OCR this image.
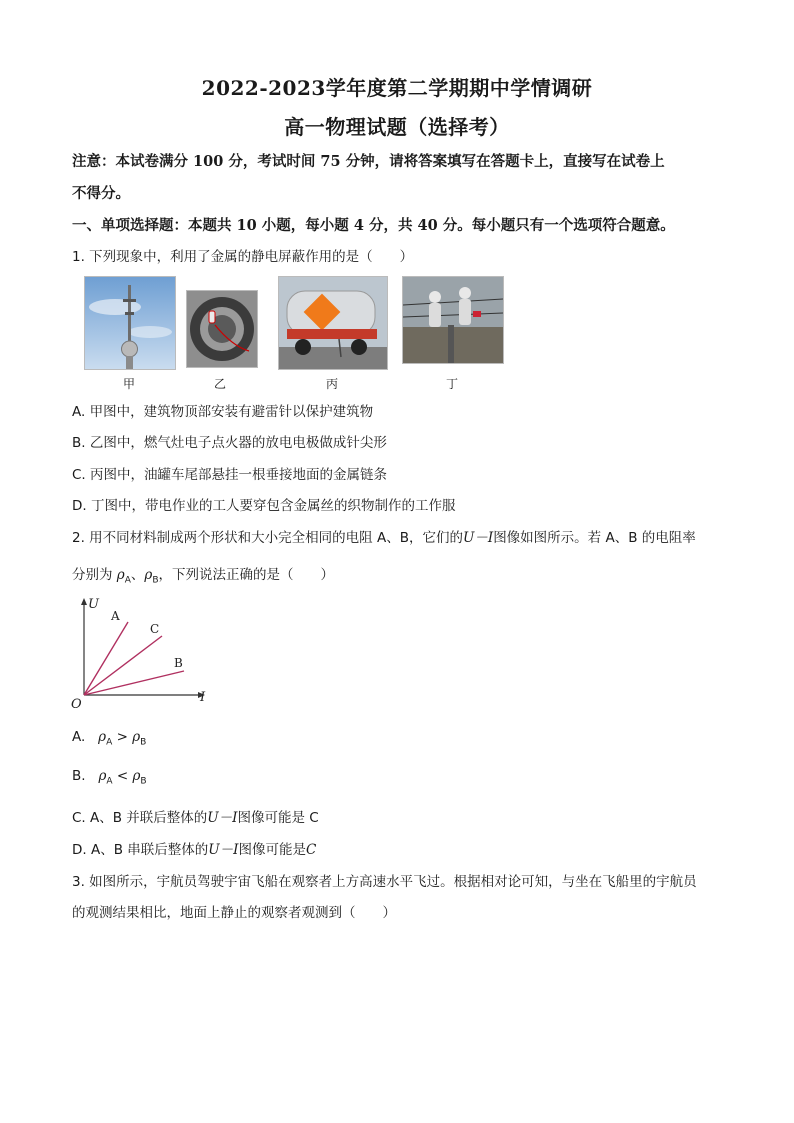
2022-2023学年度第二学期期中学情调研
高一物理试题（选择考）
注意：本试卷满分 100 分，考试时间 75 分钟，请将答案填写在答题卡上，直接写在试卷上
不得分。
一、单项选择题：本题共 10 小题，每小题 4 分，共 40 分。每小题只有一个选项符合题意。
1. 下列现象中，利用了金属的静电屏蔽作用的是（　　）
甲	乙	丙	丁
A. 甲图中，建筑物顶部安装有避雷针以保护建筑物
B. 乙图中，燃气灶电子点火器的放电电极做成针尖形
C. 丙图中，油罐车尾部悬挂一根垂接地面的金属链条
D. 丁图中，带电作业的工人要穿包含金属丝的织物制作的工作服
2. 用不同材料制成两个形状和大小完全相同的电阻 A、B，它们的U－I图像如图所示。若 A、B 的电阻率
分别为 $\rho_A$、$\rho_B$，下列说法正确的是（　　）
U
I
O
A
C
B
A. $\rho_A > \rho_B$
B. $\rho_A < \rho_B$
C. A、B 并联后整体的U－I图像可能是 C
D. A、B 串联后整体的U－I图像可能是C
3. 如图所示，宇航员驾驶宇宙飞船在观察者上方高速水平飞过。根据相对论可知，与坐在飞船里的宇航员
的观测结果相比，地面上静止的观察者观测到（　　）
